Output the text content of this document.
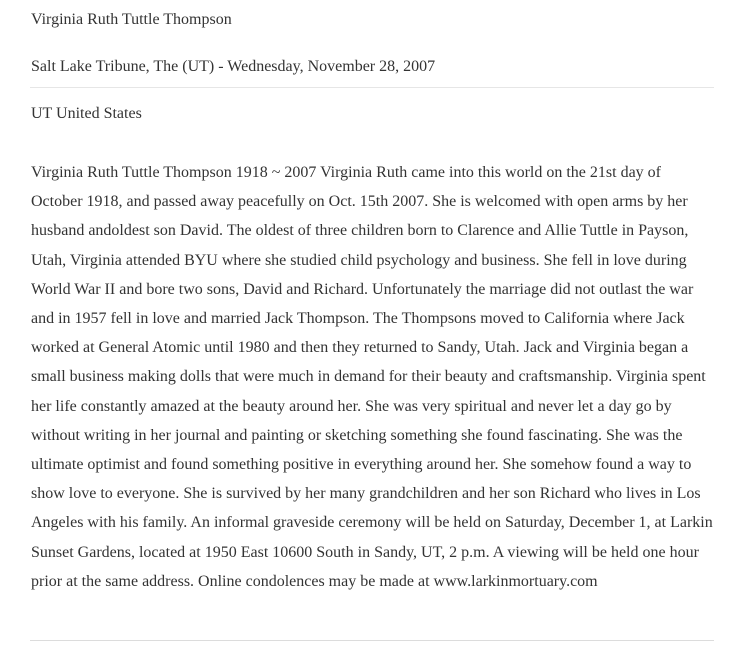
Virginia Ruth Tuttle Thompson
Salt Lake Tribune, The (UT) - Wednesday, November 28, 2007
UT United States

Virginia Ruth Tuttle Thompson 1918 ~ 2007 Virginia Ruth came into this world on the 21st day of October 1918, and passed away peacefully on Oct. 15th 2007. She is welcomed with open arms by her husband andoldest son David. The oldest of three children born to Clarence and Allie Tuttle in Payson, Utah, Virginia attended BYU where she studied child psychology and business. She fell in love during World War II and bore two sons, David and Richard. Unfortunately the marriage did not outlast the war and in 1957 fell in love and married Jack Thompson. The Thompsons moved to California where Jack worked at General Atomic until 1980 and then they returned to Sandy, Utah. Jack and Virginia began a small business making dolls that were much in demand for their beauty and craftsmanship. Virginia spent her life constantly amazed at the beauty around her. She was very spiritual and never let a day go by without writing in her journal and painting or sketching something she found fascinating. She was the ultimate optimist and found something positive in everything around her. She somehow found a way to show love to everyone. She is survived by her many grandchildren and her son Richard who lives in Los Angeles with his family. An informal graveside ceremony will be held on Saturday, December 1, at Larkin Sunset Gardens, located at 1950 East 10600 South in Sandy, UT, 2 p.m. A viewing will be held one hour prior at the same address. Online condolences may be made at www.larkinmortuary.com
